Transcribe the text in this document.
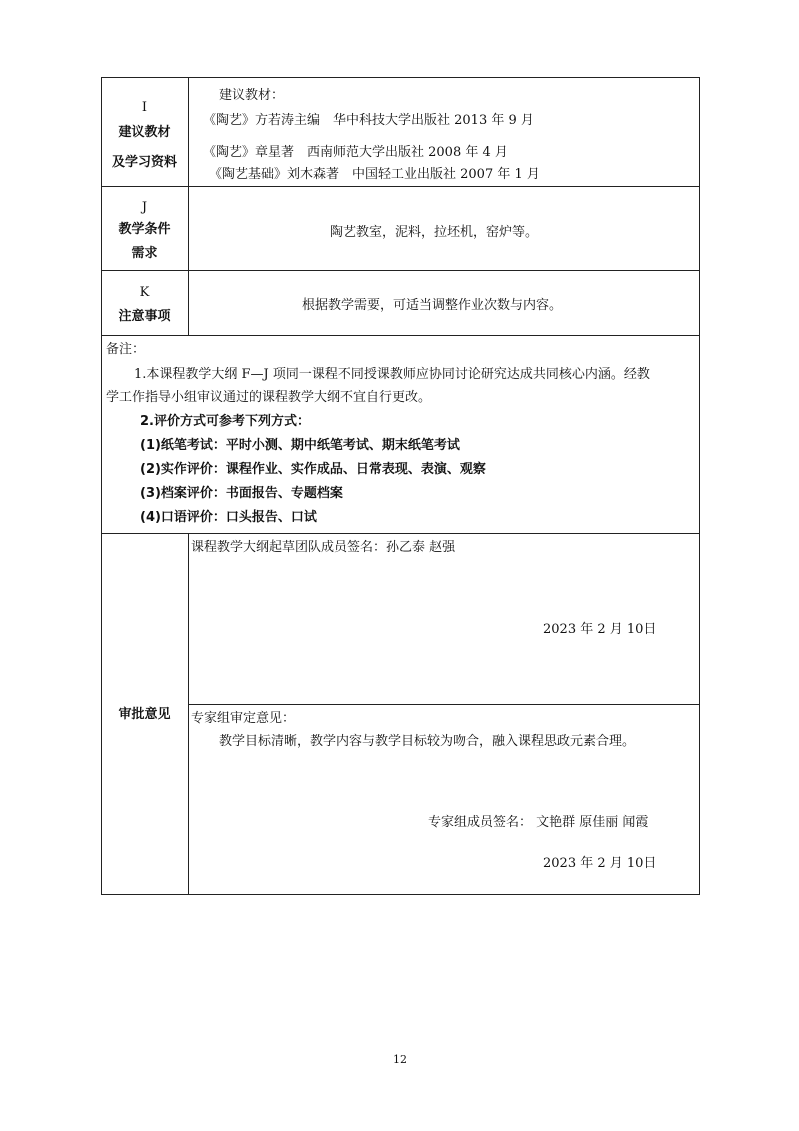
I
建议教材
及学习资料
建议教材：
《陶艺》方若涛主编　华中科技大学出版社 2013 年 9 月
《陶艺》章星著　西南师范大学出版社 2008 年 4 月
《陶艺基础》刘木森著　中国轻工业出版社 2007 年 1 月
J
教学条件
需求
陶艺教室，泥料，拉坯机，窑炉等。
K
注意事项
根据教学需要，可适当调整作业次数与内容。
备注：
1.本课程教学大纲 F—J 项同一课程不同授课教师应协同讨论研究达成共同核心内涵。经教
学工作指导小组审议通过的课程教学大纲不宜自行更改。
2.评价方式可参考下列方式：
(1)纸笔考试：平时小测、期中纸笔考试、期末纸笔考试
(2)实作评价：课程作业、实作成品、日常表现、表演、观察
(3)档案评价：书面报告、专题档案
(4)口语评价：口头报告、口试
审批意见
课程教学大纲起草团队成员签名：孙乙泰 赵强
2023 年 2 月 10日
专家组审定意见：
教学目标清晰，教学内容与教学目标较为吻合，融入课程思政元素合理。
专家组成员签名： 文艳群 原佳丽 闻霞
2023 年 2 月 10日
12
